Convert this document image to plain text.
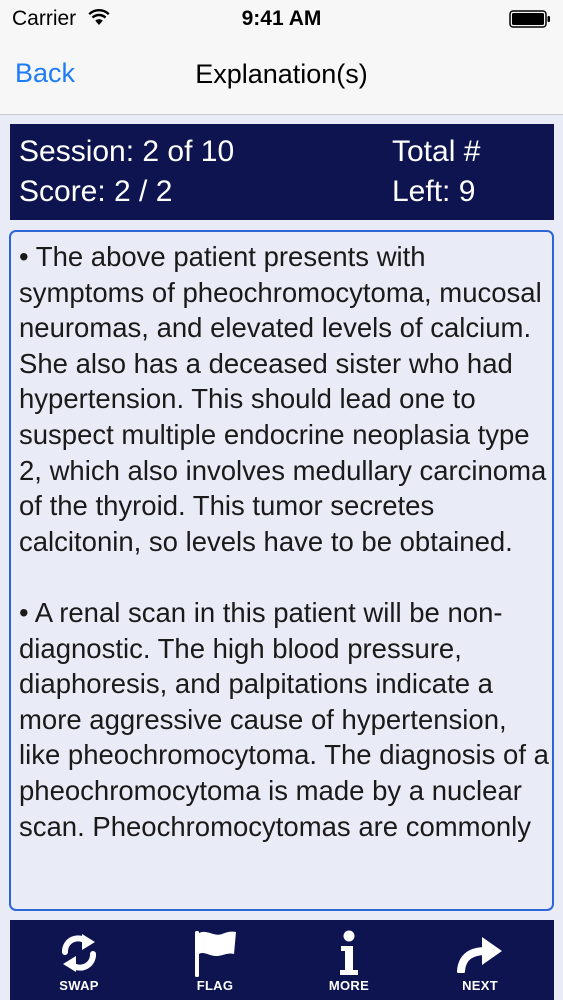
Carrier	9:41 AM
Back	Explanation(s)
Session: 2 of 10
Score: 2 / 2
Total #
Left: 9

• The above patient presents with symptoms of pheochromocytoma, mucosal neuromas, and elevated levels of calcium. She also has a deceased sister who had hypertension. This should lead one to suspect multiple endocrine neoplasia type 2, which also involves medullary carcinoma of the thyroid. This tumor secretes calcitonin, so levels have to be obtained.

• A renal scan in this patient will be non-diagnostic. The high blood pressure, diaphoresis, and palpitations indicate a more aggressive cause of hypertension, like pheochromocytoma. The diagnosis of a pheochromocytoma is made by a nuclear scan. Pheochromocytomas are commonly

SWAP	FLAG	MORE	NEXT
